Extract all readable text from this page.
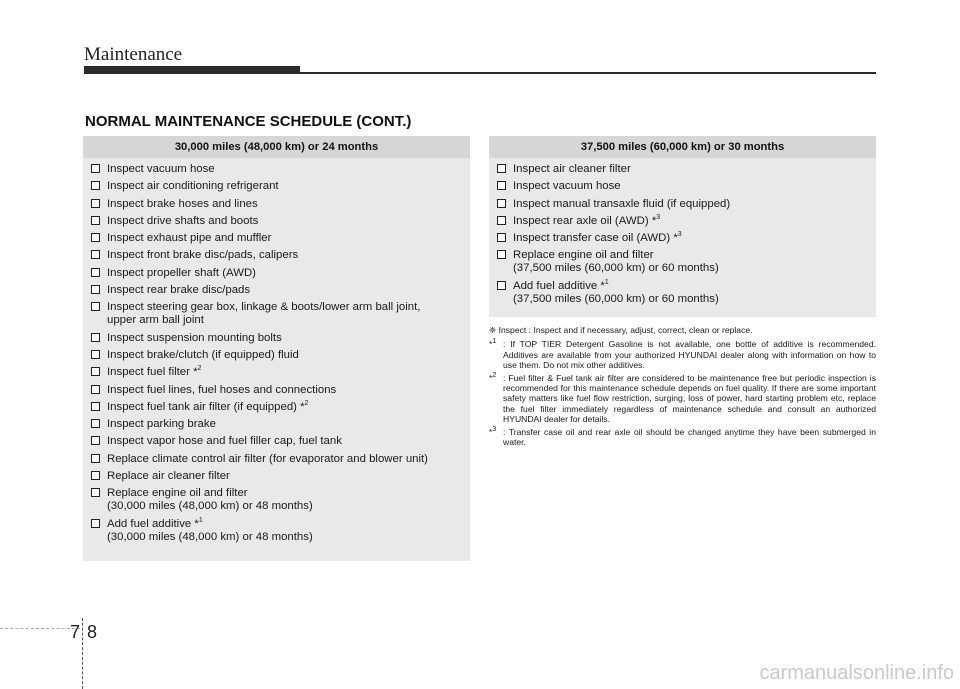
Maintenance
NORMAL MAINTENANCE SCHEDULE (CONT.)
30,000 miles (48,000 km) or 24 months
Inspect vacuum hose
Inspect air conditioning refrigerant
Inspect brake hoses and lines
Inspect drive shafts and boots
Inspect exhaust pipe and muffler
Inspect front brake disc/pads, calipers
Inspect propeller shaft (AWD)
Inspect rear brake disc/pads
Inspect steering gear box, linkage & boots/lower arm ball joint,
upper arm ball joint
Inspect suspension mounting bolts
Inspect brake/clutch (if equipped) fluid
Inspect fuel filter *$^2$
Inspect fuel lines, fuel hoses and connections
Inspect fuel tank air filter (if equipped) *$^2$
Inspect parking brake
Inspect vapor hose and fuel filler cap, fuel tank
Replace climate control air filter (for evaporator and blower unit)
Replace air cleaner filter
Replace engine oil and filter
(30,000 miles (48,000 km) or 48 months)
Add fuel additive *$^1$
(30,000 miles (48,000 km) or 48 months)
37,500 miles (60,000 km) or 30 months
Inspect air cleaner filter
Inspect vacuum hose
Inspect manual transaxle fluid (if equipped)
Inspect rear axle oil (AWD) *$^3$
Inspect transfer case oil (AWD) *$^3$
Replace engine oil and filter
(37,500 miles (60,000 km) or 60 months)
Add fuel additive *$^1$
(37,500 miles (60,000 km) or 60 months)
❈ Inspect : Inspect and if necessary, adjust, correct, clean or replace.
*$^1$ : If TOP TIER Detergent Gasoline is not available, one bottle of additive is recommended. Additives are available from your authorized HYUNDAI dealer along with information on how to use them. Do not mix other additives.
*$^2$ : Fuel filter & Fuel tank air filter are considered to be maintenance free but periodic inspection is recommended for this maintenance schedule depends on fuel quality. If there are some important safety matters like fuel flow restriction, surging, loss of power, hard starting problem etc, replace the fuel filter immediately regardless of maintenance schedule and consult an authorized HYUNDAI dealer for details.
*$^3$ : Transfer case oil and rear axle oil should be changed anytime they have been submerged in water.
7 8
carmanualsonline.info
